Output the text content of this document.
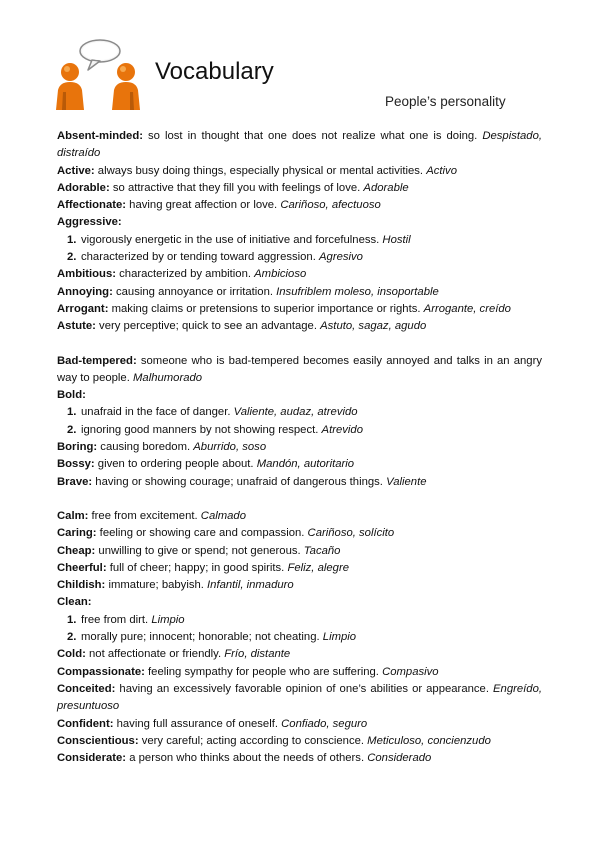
Vocabulary
People’s personality

Absent-minded: so lost in thought that one does not realize what one is doing. Despistado, distraído

Active: always busy doing things, especially physical or mental activities. Activo

Adorable: so attractive that they fill you with feelings of love. Adorable

Affectionate: having great affection or love. Cariñoso, afectuoso

Aggressive:

1. vigorously energetic in the use of initiative and forcefulness. Hostil

2. characterized by or tending toward aggression. Agresivo

Ambitious: characterized by ambition. Ambicioso

Annoying: causing annoyance or irritation. Insufriblem moleso, insoportable

Arrogant: making claims or pretensions to superior importance or rights. Arrogante, creído

Astute: very perceptive; quick to see an advantage. Astuto, sagaz, agudo

Bad-tempered: someone who is bad-tempered becomes easily annoyed and talks in an angry way to people. Malhumorado

Bold:

1. unafraid in the face of danger. Valiente, audaz, atrevido

2. ignoring good manners by not showing respect. Atrevido

Boring: causing boredom. Aburrido, soso

Bossy: given to ordering people about. Mandón, autoritario

Brave: having or showing courage; unafraid of dangerous things. Valiente

Calm: free from excitement. Calmado

Caring: feeling or showing care and compassion. Cariñoso, solícito

Cheap: unwilling to give or spend; not generous. Tacaño

Cheerful: full of cheer; happy; in good spirits. Feliz, alegre

Childish: immature; babyish. Infantil, inmaduro

Clean:

1. free from dirt. Limpio

2. morally pure; innocent; honorable; not cheating. Limpio

Cold: not affectionate or friendly. Frío, distante

Compassionate: feeling sympathy for people who are suffering. Compasivo

Conceited: having an excessively favorable opinion of one’s abilities or appearance. Engreído, presuntuoso

Confident: having full assurance of oneself. Confiado, seguro

Conscientious: very careful; acting according to conscience. Meticuloso, concienzudo

Considerate: a person who thinks about the needs of others. Considerado
